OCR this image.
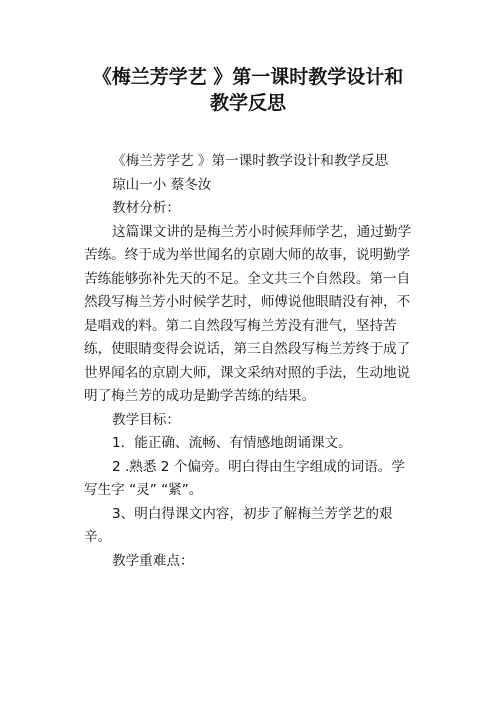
《梅兰芳学艺 》第一课时教学设计和
教学反思

《梅兰芳学艺 》第一课时教学设计和教学反思

琼山一小 蔡冬汝

教材分析：

这篇课文讲的是梅兰芳小时候拜师学艺，通过勤学苦练。终于成为举世闻名的京剧大师的故事，说明勤学苦练能够弥补先天的不足。全文共三个自然段。第一自然段写梅兰芳小时候学艺时，师傅说他眼睛没有神，不是唱戏的料。第二自然段写梅兰芳没有泄气，坚持苦练，使眼睛变得会说话，第三自然段写梅兰芳终于成了世界闻名的京剧大师，课文采纳对照的手法，生动地说明了梅兰芳的成功是勤学苦练的结果。

教学目标：

1．能正确、流畅、有情感地朗诵课文。

2 .熟悉 2 个偏旁。明白得由生字组成的词语。学写生字 “灵” “紧”。

3、明白得课文内容，初步了解梅兰芳学艺的艰辛。

教学重难点：
